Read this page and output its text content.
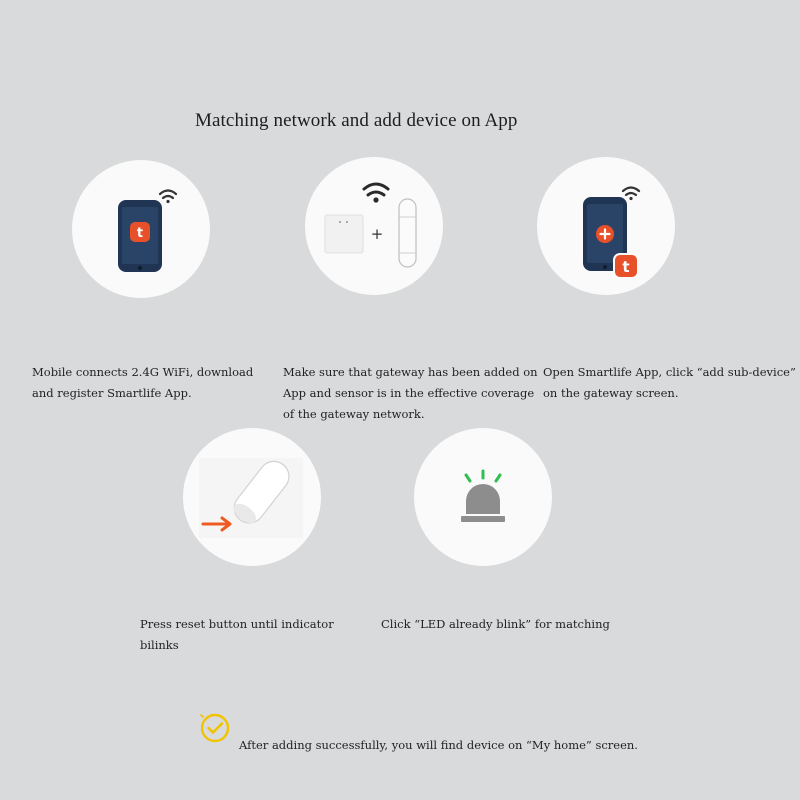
Matching network and add device on App
t
Mobile connects 2.4G WiFi, download and register Smartlife App.
+
Make sure that gateway has been added on App and sensor is in the effective coverage of the gateway network.
t
Open Smartlife App, click “add sub-device” on the gateway screen.
Press reset button until indicator bilinks
Click “LED already blink” for matching
After adding successfully, you will find device on “My home” screen.
